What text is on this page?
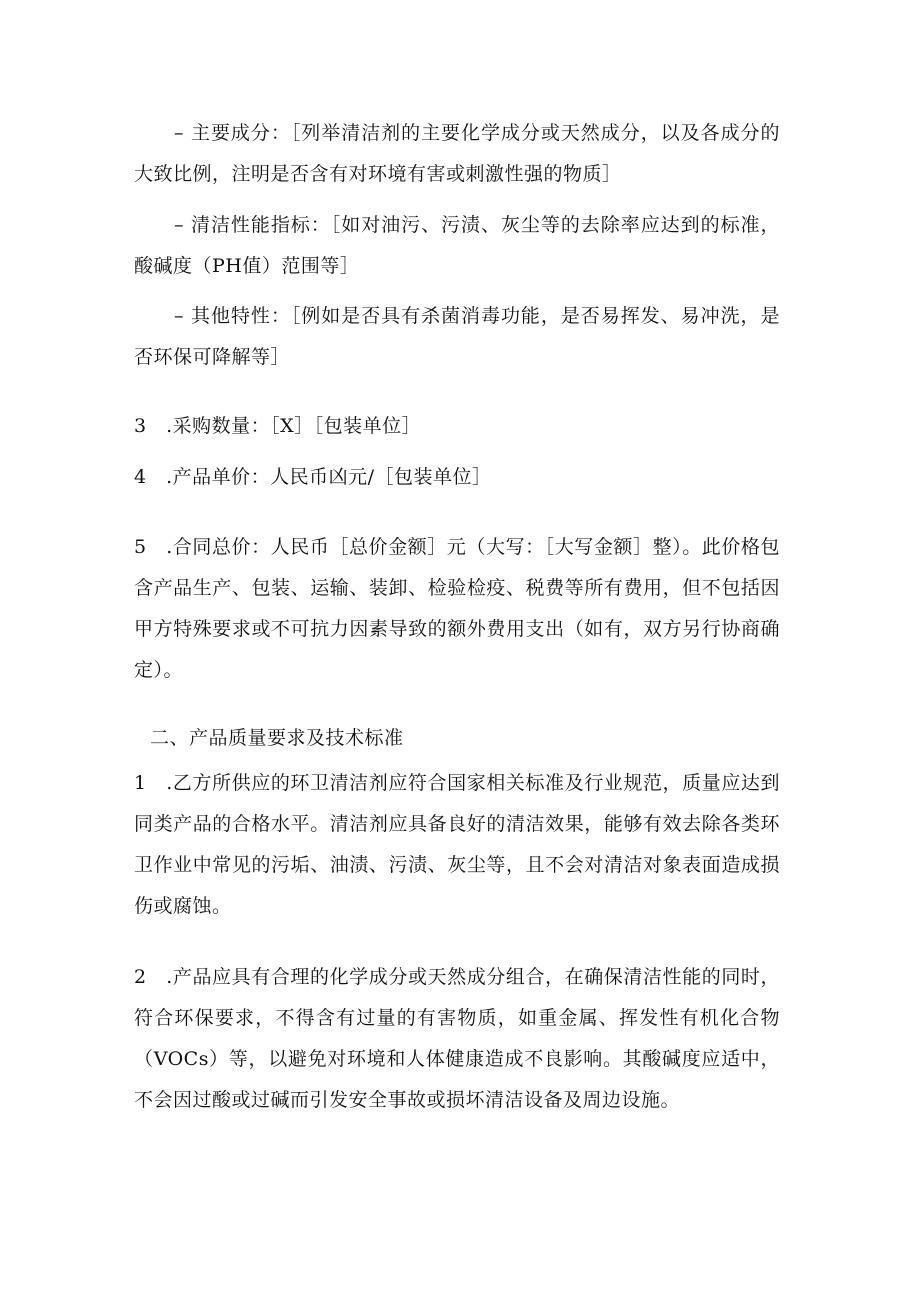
– 主要成分：［列举清洁剂的主要化学成分或天然成分，以及各成分的大致比例，注明是否含有对环境有害或刺激性强的物质］

– 清洁性能指标：［如对油污、污渍、灰尘等的去除率应达到的标准，酸碱度（PH值）范围等］

– 其他特性：［例如是否具有杀菌消毒功能，是否易挥发、易冲洗，是否环保可降解等］

3　.采购数量：［X］［包装单位］

4　.产品单价：人民币凶元/［包装单位］

5　.合同总价：人民币［总价金额］元（大写：［大写金额］整）。此价格包含产品生产、包装、运输、装卸、检验检疫、税费等所有费用，但不包括因甲方特殊要求或不可抗力因素导致的额外费用支出（如有，双方另行协商确定）。

二、产品质量要求及技术标准

1　.乙方所供应的环卫清洁剂应符合国家相关标准及行业规范，质量应达到同类产品的合格水平。清洁剂应具备良好的清洁效果，能够有效去除各类环卫作业中常见的污垢、油渍、污渍、灰尘等，且不会对清洁对象表面造成损伤或腐蚀。

2　.产品应具有合理的化学成分或天然成分组合，在确保清洁性能的同时，符合环保要求，不得含有过量的有害物质，如重金属、挥发性有机化合物（VOCs）等，以避免对环境和人体健康造成不良影响。其酸碱度应适中，不会因过酸或过碱而引发安全事故或损坏清洁设备及周边设施。
